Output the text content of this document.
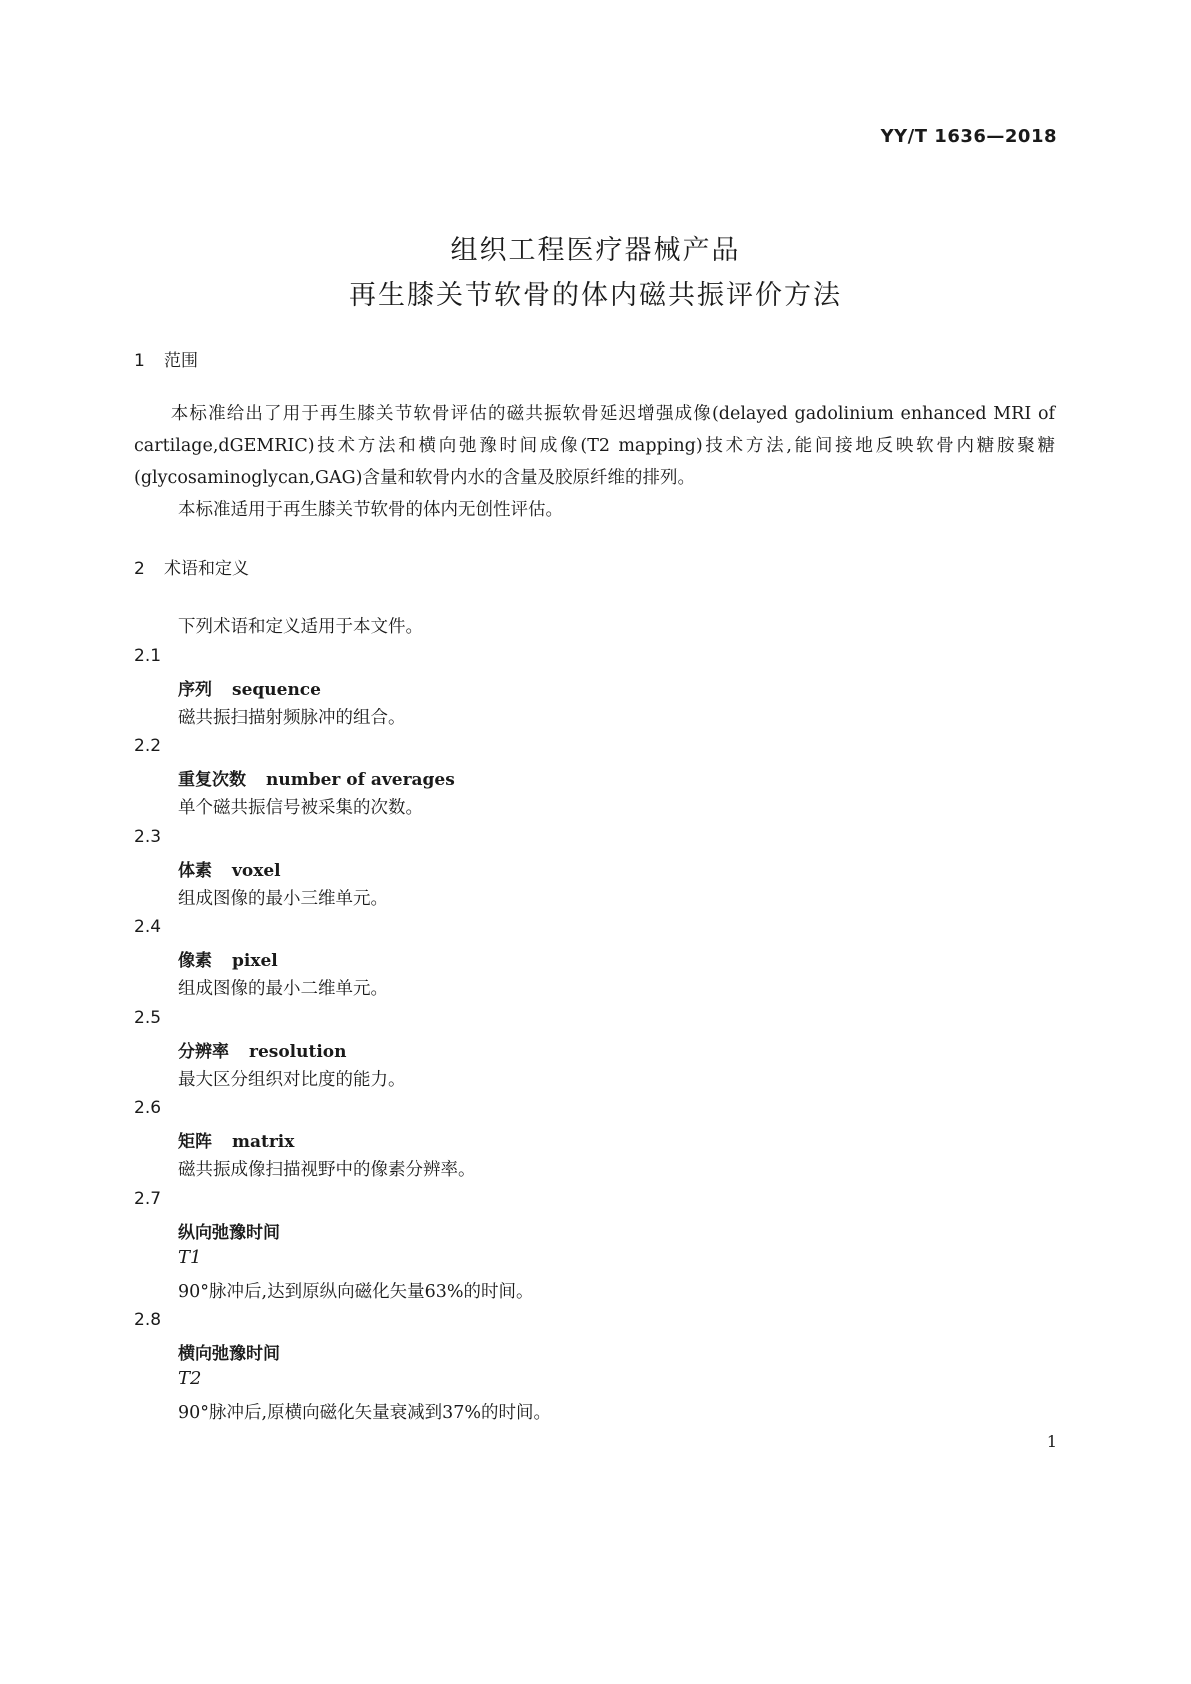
YY/T 1636—2018
组织工程医疗器械产品
再生膝关节软骨的体内磁共振评价方法
1 范围

本标准给出了用于再生膝关节软骨评估的磁共振软骨延迟增强成像(delayed gadolinium enhanced MRI of cartilage,dGEMRIC)技术方法和横向弛豫时间成像(T2 mapping)技术方法,能间接地反映软骨内糖胺聚糖(glycosaminoglycan,GAG)含量和软骨内水的含量及胶原纤维的排列。

本标准适用于再生膝关节软骨的体内无创性评估。
2 术语和定义
下列术语和定义适用于本文件。
2.1
序列 sequence
磁共振扫描射频脉冲的组合。
2.2
重复次数 number of averages
单个磁共振信号被采集的次数。
2.3
体素 voxel
组成图像的最小三维单元。
2.4
像素 pixel
组成图像的最小二维单元。
2.5
分辨率 resolution
最大区分组织对比度的能力。
2.6
矩阵 matrix
磁共振成像扫描视野中的像素分辨率。
2.7
纵向弛豫时间
T1
90°脉冲后,达到原纵向磁化矢量63%的时间。
2.8
横向弛豫时间
T2
90°脉冲后,原横向磁化矢量衰减到37%的时间。
1
